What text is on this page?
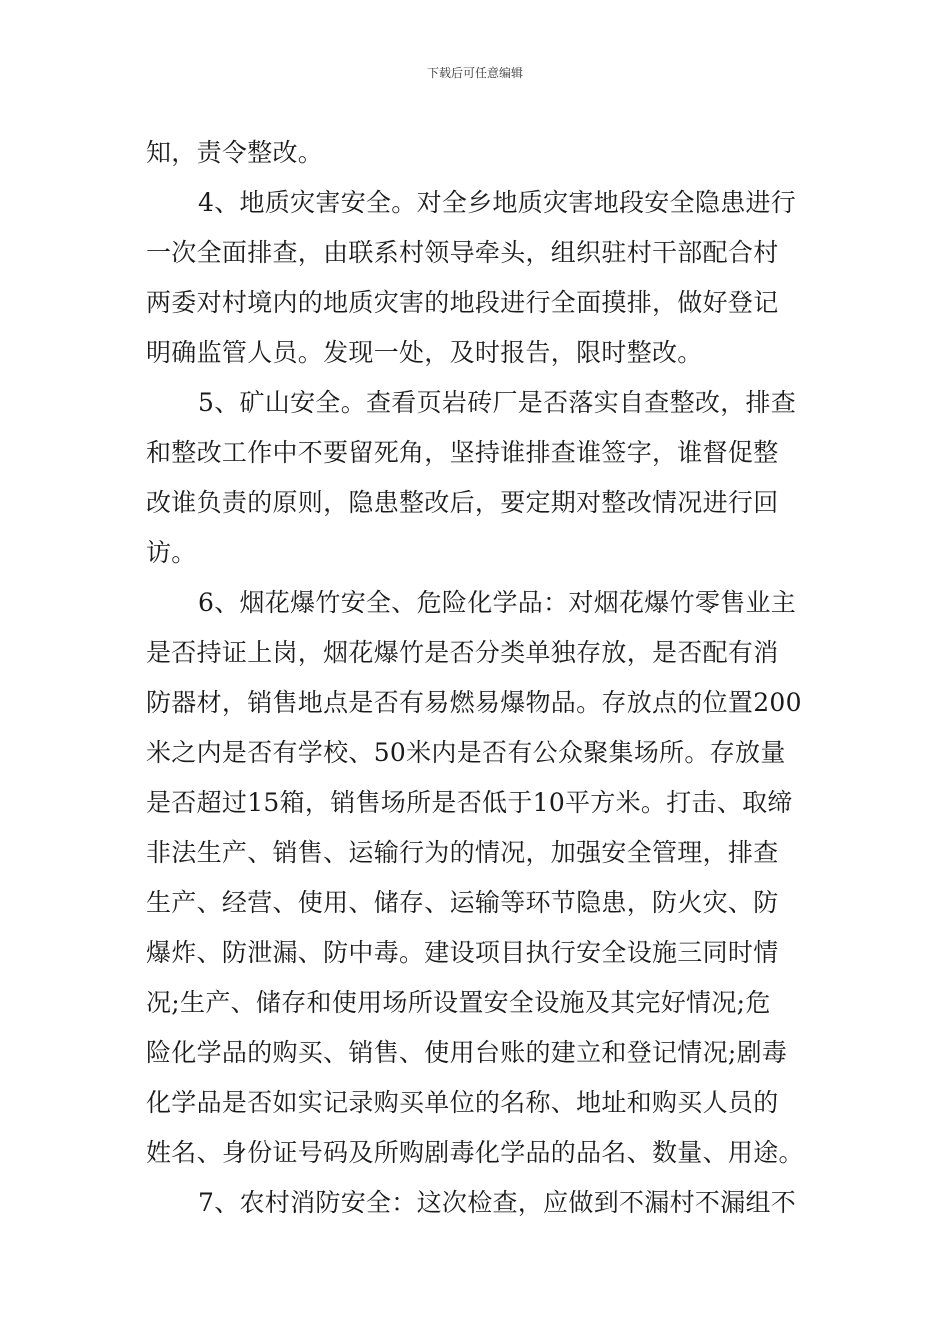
下载后可任意编辑
知，责令整改。
4、地质灾害安全。对全乡地质灾害地段安全隐患进行
一次全面排查，由联系村领导牵头，组织驻村干部配合村
两委对村境内的地质灾害的地段进行全面摸排，做好登记
明确监管人员。发现一处，及时报告，限时整改。
5、矿山安全。查看页岩砖厂是否落实自查整改，排查
和整改工作中不要留死角，坚持谁排查谁签字，谁督促整
改谁负责的原则，隐患整改后，要定期对整改情况进行回
访。
6、烟花爆竹安全、危险化学品：对烟花爆竹零售业主
是否持证上岗，烟花爆竹是否分类单独存放，是否配有消
防器材，销售地点是否有易燃易爆物品。存放点的位置200
米之内是否有学校、50米内是否有公众聚集场所。存放量
是否超过15箱，销售场所是否低于10平方米。打击、取缔
非法生产、销售、运输行为的情况，加强安全管理，排查
生产、经营、使用、储存、运输等环节隐患，防火灾、防
爆炸、防泄漏、防中毒。建设项目执行安全设施三同时情
况;生产、储存和使用场所设置安全设施及其完好情况;危
险化学品的购买、销售、使用台账的建立和登记情况;剧毒
化学品是否如实记录购买单位的名称、地址和购买人员的
姓名、身份证号码及所购剧毒化学品的品名、数量、用途。
7、农村消防安全：这次检查，应做到不漏村不漏组不
